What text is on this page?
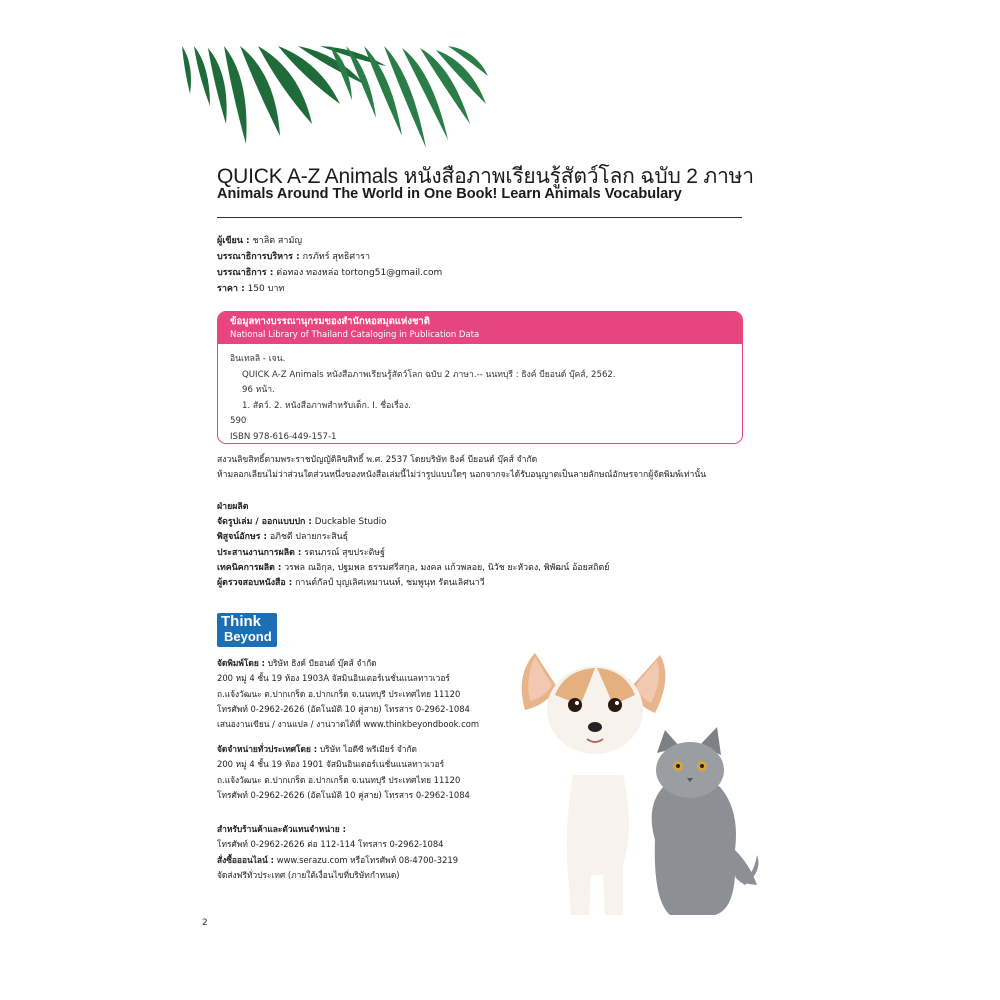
QUICK A-Z Animals หนังสือภาพเรียนรู้สัตว์โลก ฉบับ 2 ภาษา
Animals Around The World in One Book! Learn Animals Vocabulary
ผู้เขียน : ชาลิต สามัญ
บรรณาธิการบริหาร : กรภัทร์ สุทธิศารา
บรรณาธิการ : ต่อทอง ทองหล่อ tortong51@gmail.com
ราคา : 150 บาท
ข้อมูลทางบรรณานุกรมของสำนักหอสมุดแห่งชาติ
National Library of Thailand Cataloging in Publication Data
อินเทลลิ - เจน.
QUICK A-Z Animals หนังสือภาพเรียนรู้สัตว์โลก ฉบับ 2 ภาษา.-- นนทบุรี : ธิงค์ บียอนด์ บุ๊คส์, 2562.
96 หน้า.
1. สัตว์. 2. หนังสือภาพสำหรับเด็ก. I. ชื่อเรื่อง.
590
ISBN 978-616-449-157-1
สงวนลิขสิทธิ์ตามพระราชบัญญัติลิขสิทธิ์ พ.ศ. 2537 โดยบริษัท ธิงค์ บียอนด์ บุ๊คส์ จำกัด
ห้ามลอกเลียนไม่ว่าส่วนใดส่วนหนึ่งของหนังสือเล่มนี้ไม่ว่ารูปแบบใดๆ นอกจากจะได้รับอนุญาตเป็นลายลักษณ์อักษรจากผู้จัดพิมพ์เท่านั้น
ฝ่ายผลิต
จัดรูปเล่ม / ออกแบบปก : Duckable Studio
พิสูจน์อักษร : อภิชดี ปลายกระสินธุ์
ประสานงานการผลิต : รตนภรณ์ สุขประดิษฐ์
เทคนิคการผลิต : วรพล ณอิกุล, ปฐมพล ธรรมศรีสกุล, มงคล แก้วพลอย, นิวัช ยะหัวดง, พิพัฒน์ อ้อยสถิตย์
ผู้ตรวจสอบหนังสือ : กานต์กัลป์ บุญเลิศเหมานนท์, ชมพูนุท รัตนเลิศนาวี
Think
Beyond
จัดพิมพ์โดย : บริษัท ธิงค์ บียอนด์ บุ๊คส์ จำกัด
200 หมู่ 4 ชั้น 19 ห้อง 1903A จัสมินอินเตอร์เนชั่นแนลทาวเวอร์
ถ.แจ้งวัฒนะ ต.ปากเกร็ด อ.ปากเกร็ด จ.นนทบุรี ประเทศไทย 11120
โทรศัพท์ 0-2962-2626 (อัตโนมัติ 10 คู่สาย) โทรสาร 0-2962-1084
เสนองานเขียน / งานแปล / งานวาดได้ที่ www.thinkbeyondbook.com
จัดจำหน่ายทั่วประเทศโดย : บริษัท ไอดีซี พรีเมียร์ จำกัด
200 หมู่ 4 ชั้น 19 ห้อง 1901 จัสมินอินเตอร์เนชั่นแนลทาวเวอร์
ถ.แจ้งวัฒนะ ต.ปากเกร็ด อ.ปากเกร็ด จ.นนทบุรี ประเทศไทย 11120
โทรศัพท์ 0-2962-2626 (อัตโนมัติ 10 คู่สาย) โทรสาร 0-2962-1084
สำหรับร้านค้าและตัวแทนจำหน่าย :
โทรศัพท์ 0-2962-2626 ต่อ 112-114 โทรสาร 0-2962-1084
สั่งซื้อออนไลน์ : www.serazu.com หรือโทรศัพท์ 08-4700-3219
จัดส่งฟรีทั่วประเทศ (ภายใต้เงื่อนไขที่บริษัทกำหนด)
2
